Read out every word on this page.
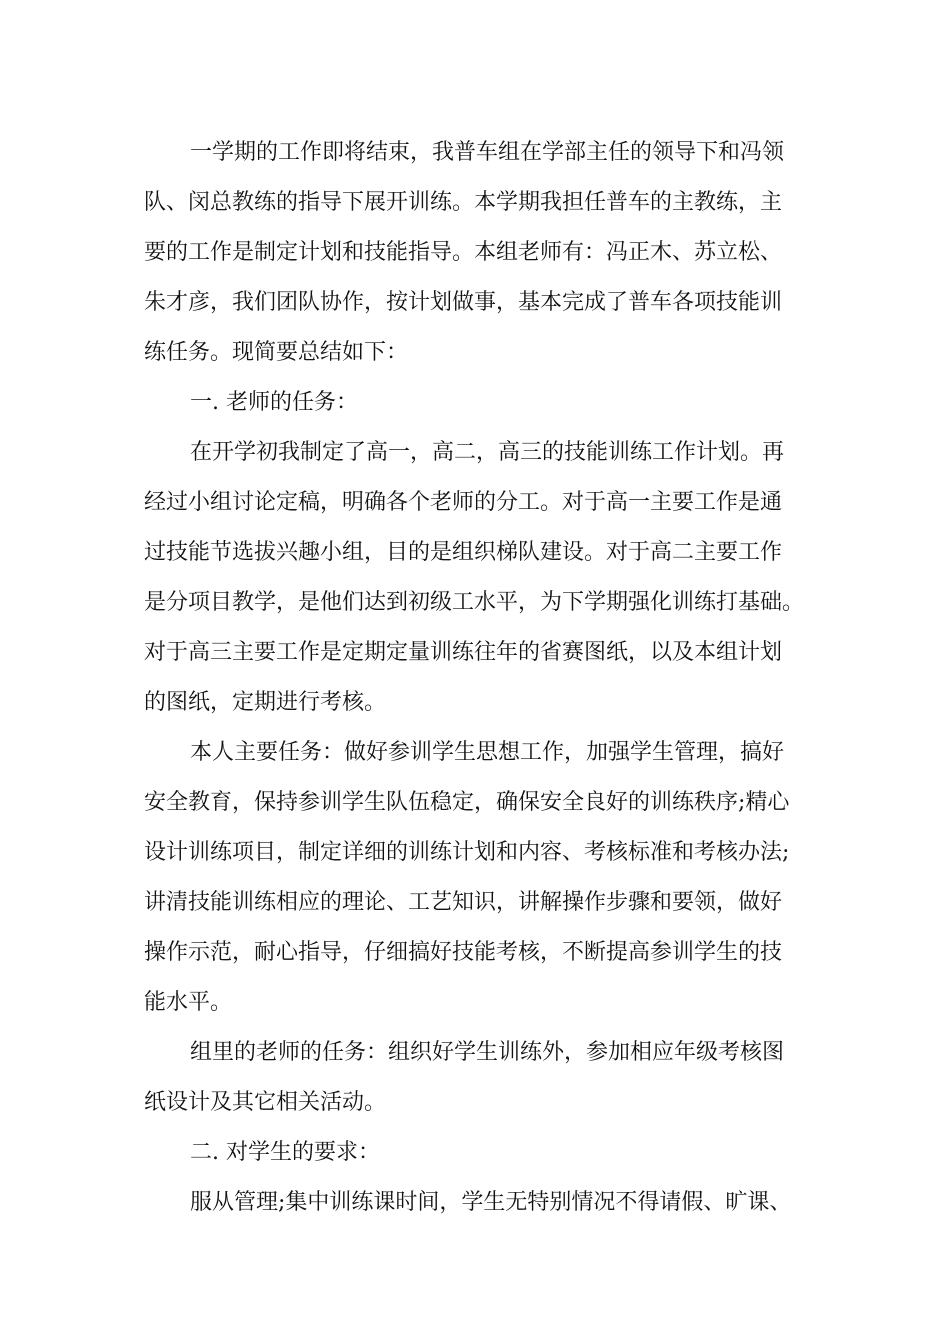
一学期的工作即将结束，我普车组在学部主任的领导下和冯领
队、闵总教练的指导下展开训练。本学期我担任普车的主教练，主
要的工作是制定计划和技能指导。本组老师有：冯正木、苏立松、
朱才彦，我们团队协作，按计划做事，基本完成了普车各项技能训
练任务。现简要总结如下：
一. 老师的任务：
在开学初我制定了高一，高二，高三的技能训练工作计划。再
经过小组讨论定稿，明确各个老师的分工。对于高一主要工作是通
过技能节选拔兴趣小组，目的是组织梯队建设。对于高二主要工作
是分项目教学，是他们达到初级工水平，为下学期强化训练打基础。
对于高三主要工作是定期定量训练往年的省赛图纸，以及本组计划
的图纸，定期进行考核。
本人主要任务：做好参训学生思想工作，加强学生管理，搞好
安全教育，保持参训学生队伍稳定，确保安全良好的训练秩序;精心
设计训练项目，制定详细的训练计划和内容、考核标准和考核办法;
讲清技能训练相应的理论、工艺知识，讲解操作步骤和要领，做好
操作示范，耐心指导，仔细搞好技能考核，不断提高参训学生的技
能水平。
组里的老师的任务：组织好学生训练外，参加相应年级考核图
纸设计及其它相关活动。
二. 对学生的要求：
服从管理;集中训练课时间，学生无特别情况不得请假、旷课、
